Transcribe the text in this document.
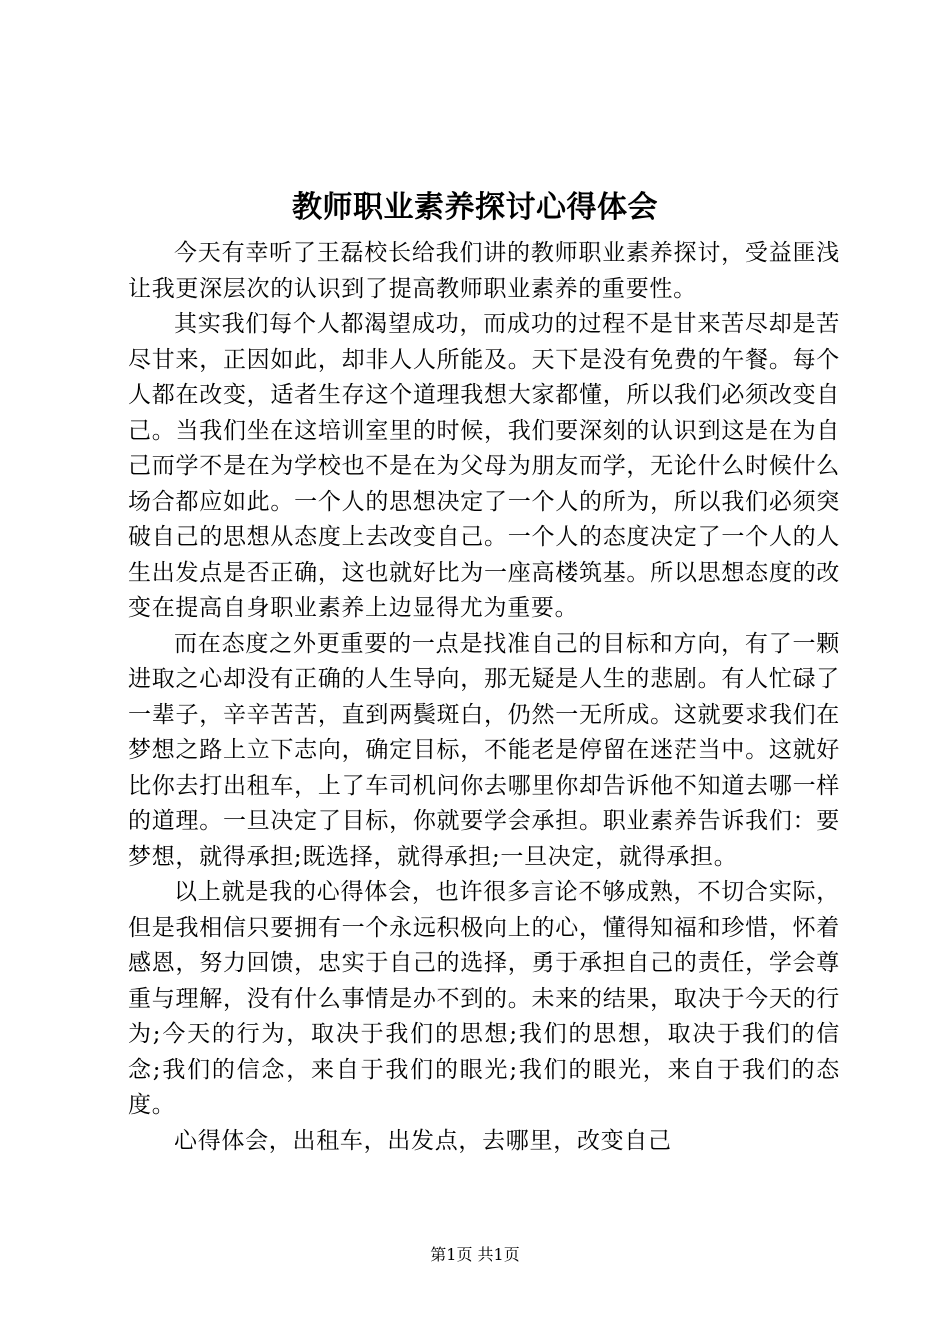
教师职业素养探讨心得体会

今天有幸听了王磊校长给我们讲的教师职业素养探讨，受益匪浅让我更深层次的认识到了提高教师职业素养的重要性。

其实我们每个人都渴望成功，而成功的过程不是甘来苦尽却是苦尽甘来，正因如此，却非人人所能及。天下是没有免费的午餐。每个人都在改变，适者生存这个道理我想大家都懂，所以我们必须改变自己。当我们坐在这培训室里的时候，我们要深刻的认识到这是在为自己而学不是在为学校也不是在为父母为朋友而学，无论什么时候什么场合都应如此。一个人的思想决定了一个人的所为，所以我们必须突破自己的思想从态度上去改变自己。一个人的态度决定了一个人的人生出发点是否正确，这也就好比为一座高楼筑基。所以思想态度的改变在提高自身职业素养上边显得尤为重要。

而在态度之外更重要的一点是找准自己的目标和方向，有了一颗进取之心却没有正确的人生导向，那无疑是人生的悲剧。有人忙碌了一辈子，辛辛苦苦，直到两鬓斑白，仍然一无所成。这就要求我们在梦想之路上立下志向，确定目标，不能老是停留在迷茫当中。这就好比你去打出租车，上了车司机问你去哪里你却告诉他不知道去哪一样的道理。一旦决定了目标，你就要学会承担。职业素养告诉我们：要梦想，就得承担;既选择，就得承担;一旦决定，就得承担。

以上就是我的心得体会，也许很多言论不够成熟，不切合实际，但是我相信只要拥有一个永远积极向上的心，懂得知福和珍惜，怀着感恩，努力回馈，忠实于自己的选择，勇于承担自己的责任，学会尊重与理解，没有什么事情是办不到的。未来的结果，取决于今天的行为;今天的行为，取决于我们的思想;我们的思想，取决于我们的信念;我们的信念，来自于我们的眼光;我们的眼光，来自于我们的态度。

心得体会，出租车，出发点，去哪里，改变自己

第1页 共1页
